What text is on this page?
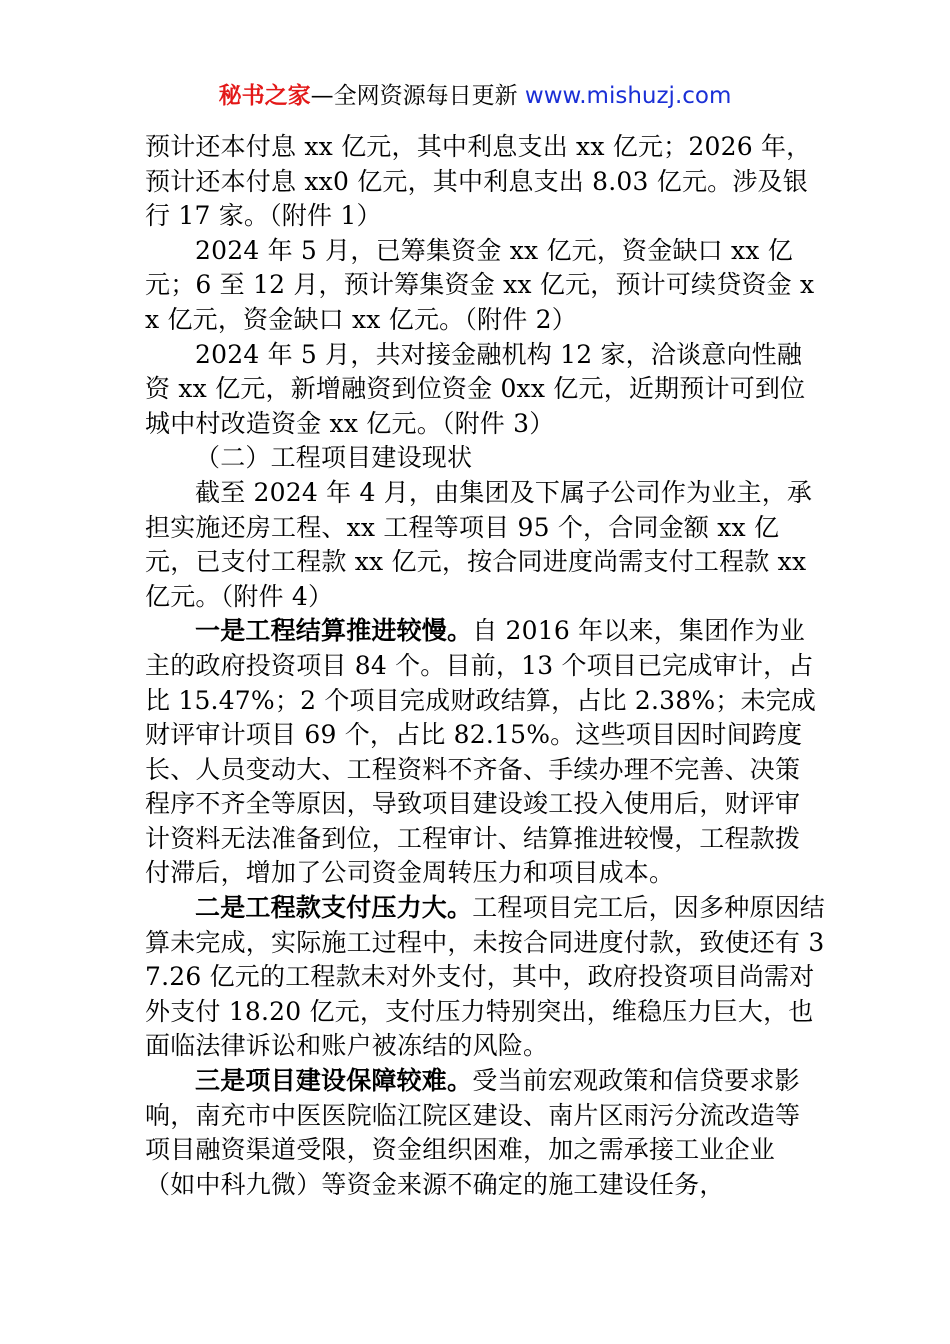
秘书之家—全网资源每日更新 www.mishuzj.com

预计还本付息 xx 亿元，其中利息支出 xx 亿元；2026 年，预计还本付息 xx0 亿元，其中利息支出 8.03 亿元。涉及银行 17 家。（附件 1）

2024 年 5 月，已筹集资金 xx 亿元，资金缺口 xx 亿元；6 至 12 月，预计筹集资金 xx 亿元，预计可续贷资金 xx 亿元，资金缺口 xx 亿元。（附件 2）

2024 年 5 月，共对接金融机构 12 家，洽谈意向性融资 xx 亿元，新增融资到位资金 0xx 亿元，近期预计可到位城中村改造资金 xx 亿元。（附件 3）

（二）工程项目建设现状

截至 2024 年 4 月，由集团及下属子公司作为业主，承担实施还房工程、xx 工程等项目 95 个，合同金额 xx 亿元，已支付工程款 xx 亿元，按合同进度尚需支付工程款 xx 亿元。（附件 4）

一是工程结算推进较慢。自 2016 年以来，集团作为业主的政府投资项目 84 个。目前，13 个项目已完成审计，占比 15.47%；2 个项目完成财政结算，占比 2.38%；未完成财评审计项目 69 个，占比 82.15%。这些项目因时间跨度长、人员变动大、工程资料不齐备、手续办理不完善、决策程序不齐全等原因，导致项目建设竣工投入使用后，财评审计资料无法准备到位，工程审计、结算推进较慢，工程款拨付滞后，增加了公司资金周转压力和项目成本。

二是工程款支付压力大。工程项目完工后，因多种原因结算未完成，实际施工过程中，未按合同进度付款，致使还有 37.26 亿元的工程款未对外支付，其中，政府投资项目尚需对外支付 18.20 亿元，支付压力特别突出，维稳压力巨大，也面临法律诉讼和账户被冻结的风险。

三是项目建设保障较难。受当前宏观政策和信贷要求影响，南充市中医医院临江院区建设、南片区雨污分流改造等项目融资渠道受限，资金组织困难，加之需承接工业企业（如中科九微）等资金来源不确定的施工建设任务，
